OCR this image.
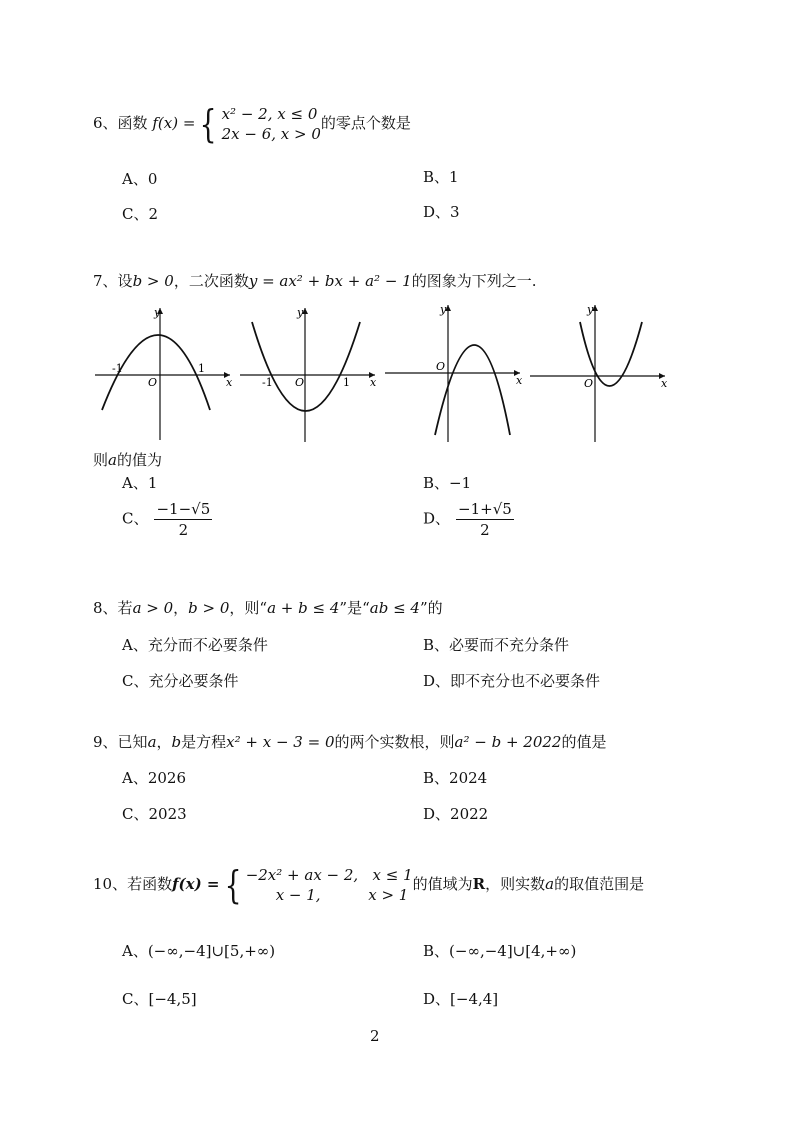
6、函数 f(x) = { x² − 2, x ≤ 0
2x − 6, x > 0
的零点个数是
A、0	B、1
C、2	D、3
7、设b > 0，二次函数y = ax² + bx + a² − 1的图象为下列之一.
y
x
O
-1	1
y
x
O
-1	1
y
x
O
y
x
O
则a的值为
A、1	B、−1
C、 $\frac{-1-√5}{2}$	D、 $\frac{-1+√5}{2}$
8、若a > 0，b > 0，则“a + b ≤ 4”是“ab ≤ 4”的
A、充分而不必要条件	B、必要而不充分条件
C、充分必要条件	D、即不充分也不必要条件
9、已知a，b是方程x² + x − 3 = 0的两个实数根，则a² − b + 2022的值是
A、2026	B、2024
C、2023	D、2022
10、若函数f(x) = { −2x² + ax − 2,   x ≤ 1
x − 1,          x > 1
的值域为R，则实数a的取值范围是
A、(−∞,−4]∪[5,+∞)	B、(−∞,−4]∪[4,+∞)
C、[−4,5]	D、[−4,4]
2
